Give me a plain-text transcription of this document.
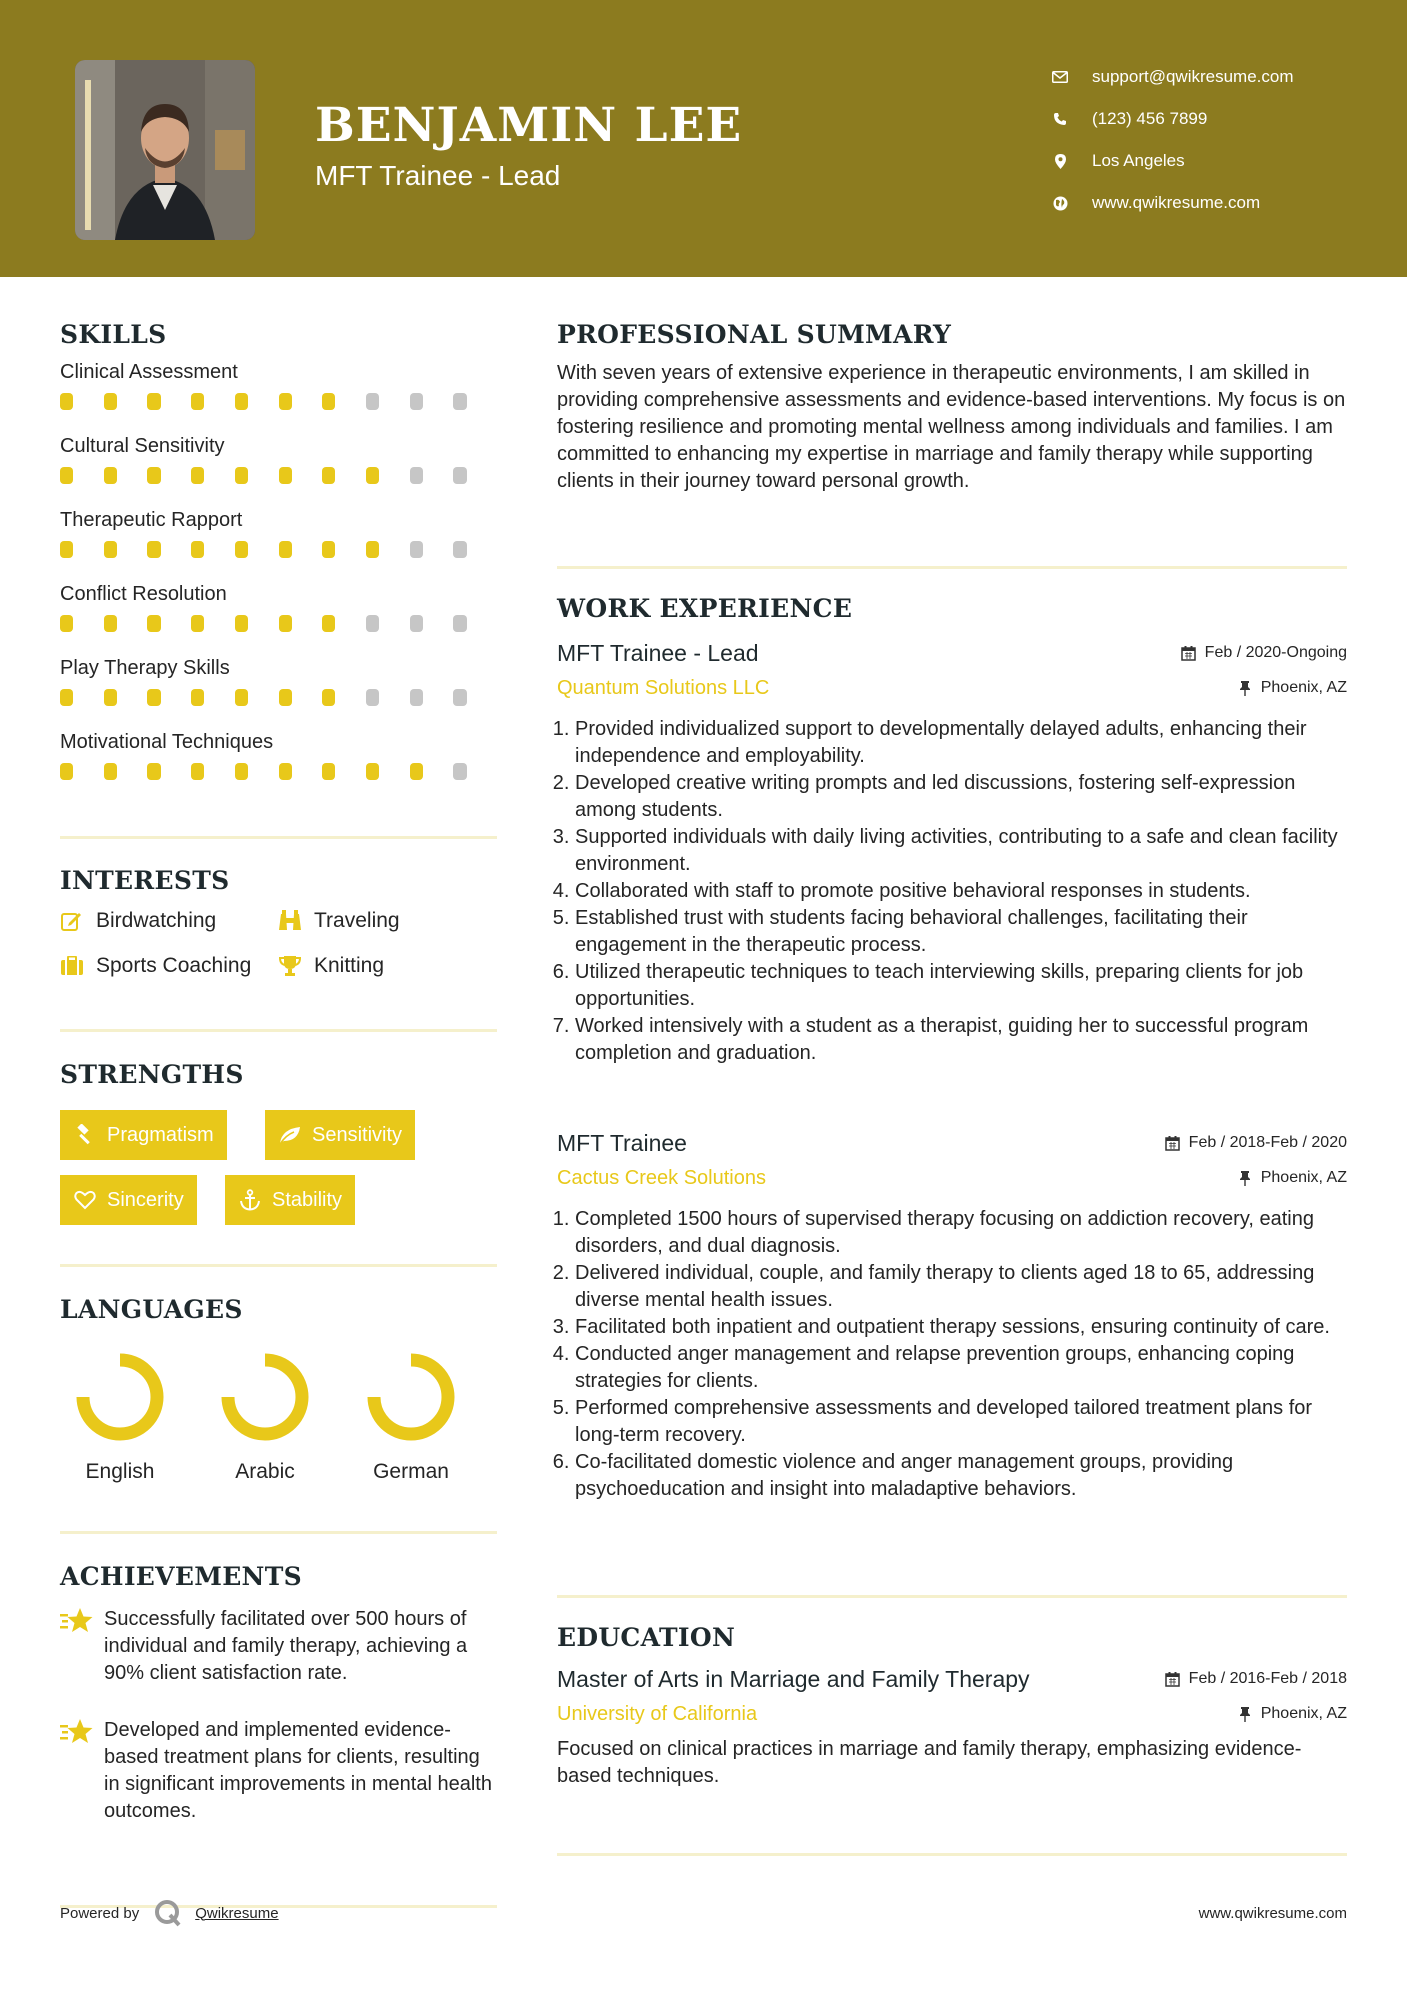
BENJAMIN LEE
MFT Trainee - Lead
support@qwikresume.com
(123) 456 7899
Los Angeles
www.qwikresume.com
SKILLS
Clinical Assessment
Cultural Sensitivity
Therapeutic Rapport
Conflict Resolution
Play Therapy Skills
Motivational Techniques
INTERESTS
Birdwatching	Traveling
Sports Coaching	Knitting
STRENGTHS
Pragmatism	Sensitivity
Sincerity	Stability
LANGUAGES
English	Arabic	German
ACHIEVEMENTS
Successfully facilitated over 500 hours of individual and family therapy, achieving a 90% client satisfaction rate.
Developed and implemented evidence-based treatment plans for clients, resulting in significant improvements in mental health outcomes.
PROFESSIONAL SUMMARY

With seven years of extensive experience in therapeutic environments, I am skilled in providing comprehensive assessments and evidence-based interventions. My focus is on fostering resilience and promoting mental wellness among individuals and families. I am committed to enhancing my expertise in marriage and family therapy while supporting clients in their journey toward personal growth.

WORK EXPERIENCE
MFT Trainee - Lead	Feb / 2020-Ongoing
Quantum Solutions LLC	Phoenix, AZ
1. Provided individualized support to developmentally delayed adults, enhancing their independence and employability.
2. Developed creative writing prompts and led discussions, fostering self-expression among students.
3. Supported individuals with daily living activities, contributing to a safe and clean facility environment.
4. Collaborated with staff to promote positive behavioral responses in students.
5. Established trust with students facing behavioral challenges, facilitating their engagement in the therapeutic process.
6. Utilized therapeutic techniques to teach interviewing skills, preparing clients for job opportunities.
7. Worked intensively with a student as a therapist, guiding her to successful program completion and graduation.
MFT Trainee	Feb / 2018-Feb / 2020
Cactus Creek Solutions	Phoenix, AZ
1. Completed 1500 hours of supervised therapy focusing on addiction recovery, eating disorders, and dual diagnosis.
2. Delivered individual, couple, and family therapy to clients aged 18 to 65, addressing diverse mental health issues.
3. Facilitated both inpatient and outpatient therapy sessions, ensuring continuity of care.
4. Conducted anger management and relapse prevention groups, enhancing coping strategies for clients.
5. Performed comprehensive assessments and developed tailored treatment plans for long-term recovery.
6. Co-facilitated domestic violence and anger management groups, providing psychoeducation and insight into maladaptive behaviors.
EDUCATION
Master of Arts in Marriage and Family Therapy	Feb / 2016-Feb / 2018
University of California	Phoenix, AZ

Focused on clinical practices in marriage and family therapy, emphasizing evidence-based techniques.

Powered by	Qwikresume	www.qwikresume.com
